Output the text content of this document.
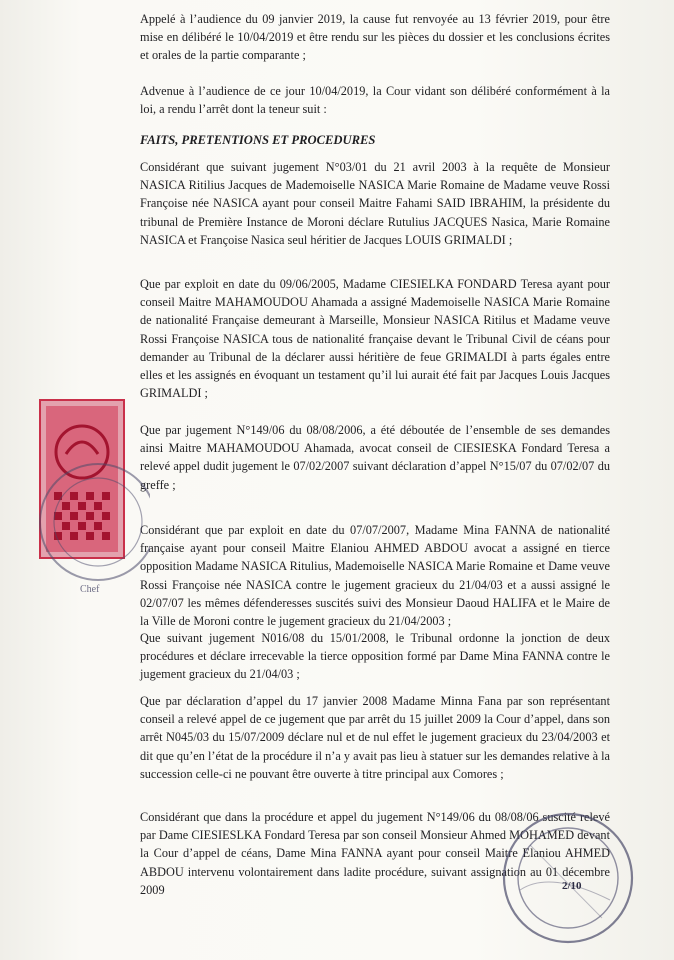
Appelé à l’audience du 09 janvier 2019, la cause fut renvoyée au 13 février 2019, pour être mise en délibéré le 10/04/2019 et être rendu sur les pièces du dossier et les conclusions écrites et orales de la partie comparante ;

Advenue à l’audience de ce jour 10/04/2019, la Cour vidant son délibéré conformément à la loi, a rendu l’arrêt dont la teneur suit :

FAITS, PRETENTIONS ET PROCEDURES

Considérant que suivant jugement N°03/01 du 21 avril 2003 à la requête de Monsieur NASICA Ritilius Jacques de Mademoiselle NASICA Marie Romaine de Madame veuve Rossi Françoise née NASICA ayant pour conseil Maitre Fahami SAID IBRAHIM, la présidente du tribunal de Première Instance de Moroni déclare Rutulius JACQUES Nasica, Marie Romaine NASICA et Françoise Nasica seul héritier de Jacques LOUIS GRIMALDI ;

Que par exploit en date du 09/06/2005, Madame CIESIELKA FONDARD Teresa ayant pour conseil Maitre MAHAMOUDOU Ahamada a assigné Mademoiselle NASICA Marie Romaine de nationalité Française demeurant à Marseille, Monsieur NASICA Ritilus et Madame veuve Rossi Françoise NASICA tous de nationalité française devant le Tribunal Civil de céans pour demander au Tribunal de la déclarer aussi héritière de feue GRIMALDI à parts égales entre elles et les assignés en évoquant un testament qu’il lui aurait été fait par Jacques Louis Jacques GRIMALDI ;

Que par jugement N°149/06 du 08/08/2006, a été déboutée de l’ensemble de ses demandes ainsi Maitre MAHAMOUDOU Ahamada, avocat conseil de CIESIESKA Fondard Teresa a relevé appel dudit jugement le 07/02/2007 suivant déclaration d’appel N°15/07 du 07/02/07 du greffe ;

Considérant que par exploit en date du 07/07/2007, Madame Mina FANNA de nationalité française ayant pour conseil Maitre Elaniou AHMED ABDOU avocat a assigné en tierce opposition Madame NASICA Ritulius, Mademoiselle NASICA Marie Romaine et Dame veuve Rossi Françoise née NASICA contre le jugement gracieux du 21/04/03 et a aussi assigné le 02/07/07 les mêmes défenderesses suscités suivi des Monsieur Daoud HALIFA et le Maire de la Ville de Moroni contre le jugement gracieux du 21/04/2003 ;

Que suivant jugement N016/08 du 15/01/2008, le Tribunal ordonne la jonction de deux procédures et déclare irrecevable la tierce opposition formé par Dame Mina FANNA contre le jugement gracieux du 21/04/03 ;

Que par déclaration d’appel du 17 janvier 2008 Madame Minna Fana par son représentant conseil a relevé appel de ce jugement que par arrêt du 15 juillet 2009 la Cour d’appel, dans son arrêt N045/03 du 15/07/2009 déclare nul et de nul effet le jugement gracieux du 23/04/2003 et dit que qu’en l’état de la procédure il n’a y avait pas lieu à statuer sur les demandes relative à la succession celle-ci ne pouvant être ouverte à titre principal aux Comores ;

Considérant que dans la procédure et appel du jugement N°149/06 du 08/08/06 suscité relevé par Dame CIESIESLKA Fondard Teresa par son conseil Monsieur Ahmed MOHAMED devant la Cour d’appel de céans, Dame Mina FANNA ayant pour conseil Maitre Elaniou AHMED ABDOU intervenu volontairement dans ladite procédure, suivant assignation au 01 décembre 2009

Chef
2/10
